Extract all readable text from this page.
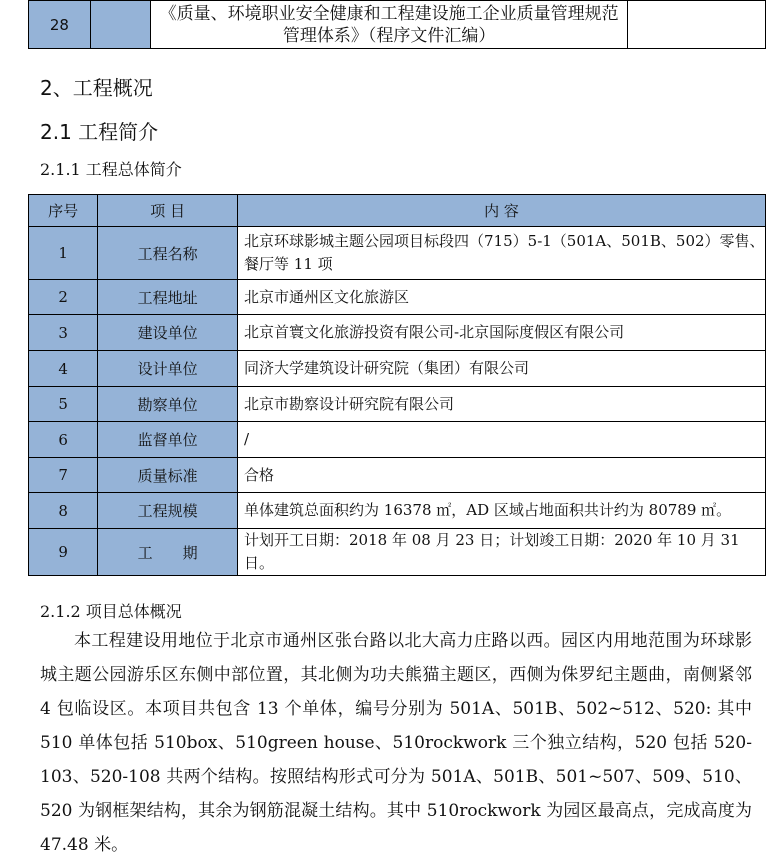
28		《质量、环境职业安全健康和工程建设施工企业质量管理规范管理体系》（程序文件汇编）	
2、工程概况
2.1 工程简介
2.1.1 工程总体简介
序号	项 目	内 容
1	工程名称	北京环球影城主题公园项目标段四（715）5-1（501A、501B、502）零售、餐厅等 11 项
2	工程地址	北京市通州区文化旅游区
3	建设单位	北京首寰文化旅游投资有限公司-北京国际度假区有限公司
4	设计单位	同济大学建筑设计研究院（集团）有限公司
5	勘察单位	北京市勘察设计研究院有限公司
6	监督单位	/
7	质量标准	合格
8	工程规模	单体建筑总面积约为 16378 ㎡，AD 区域占地面积共计约为 80789 ㎡。
9	工　　期	计划开工日期：2018 年 08 月 23 日；计划竣工日期：2020 年 10 月 31 日。
2.1.2 项目总体概况

本工程建设用地位于北京市通州区张台路以北大高力庄路以西。园区内用地范围为环球影城主题公园游乐区东侧中部位置，其北侧为功夫熊猫主题区，西侧为侏罗纪主题曲，南侧紧邻 4 包临设区。本项目共包含 13 个单体，编号分别为 501A、501B、502~512、520: 其中 510 单体包括 510box、510green house、510rockwork 三个独立结构，520 包括 520-103、520-108 共两个结构。按照结构形式可分为 501A、501B、501~507、509、510、520 为钢框架结构，其余为钢筋混凝土结构。其中 510rockwork 为园区最高点，完成高度为 47.48 米。
